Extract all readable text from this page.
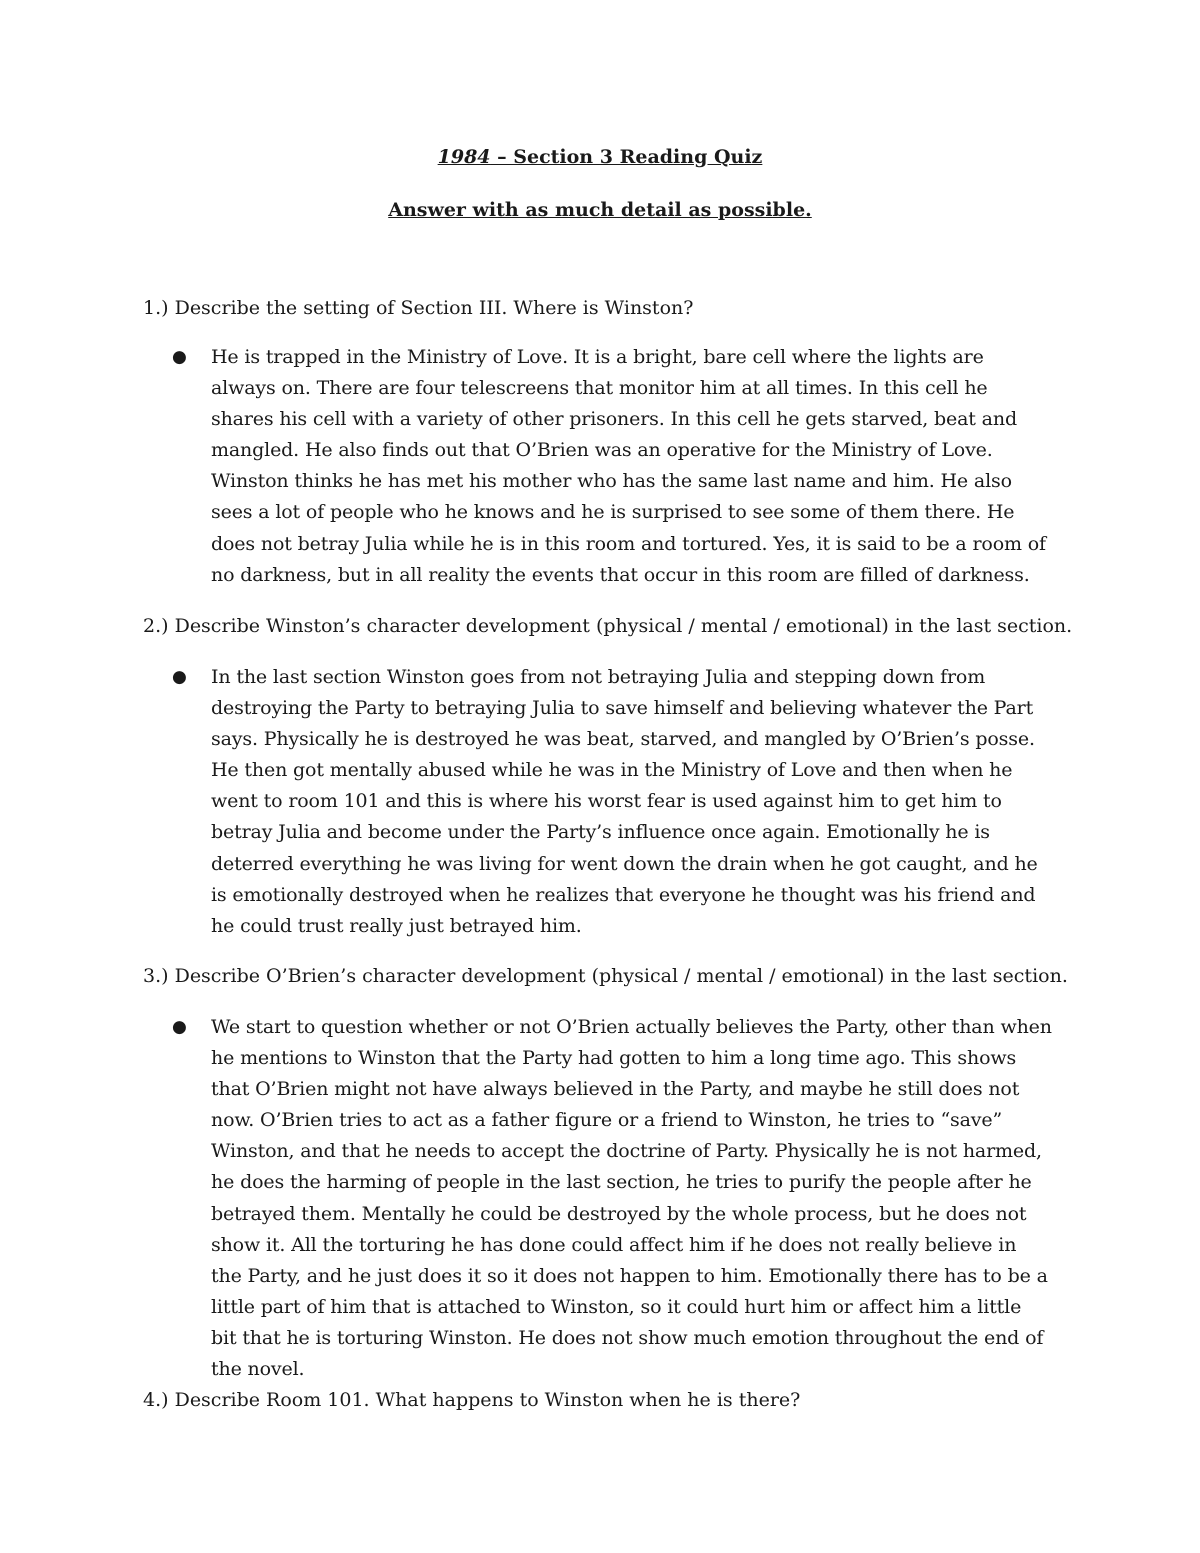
1984 – Section 3 Reading Quiz
Answer with as much detail as possible.
1.) Describe the setting of Section III. Where is Winston?
● He is trapped in the Ministry of Love. It is a bright, bare cell where the lights are always on. There are four telescreens that monitor him at all times. In this cell he shares his cell with a variety of other prisoners. In this cell he gets starved, beat and mangled. He also finds out that O’Brien was an operative for the Ministry of Love. Winston thinks he has met his mother who has the same last name and him. He also sees a lot of people who he knows and he is surprised to see some of them there. He does not betray Julia while he is in this room and tortured. Yes, it is said to be a room of no darkness, but in all reality the events that occur in this room are filled of darkness.
2.) Describe Winston’s character development (physical / mental / emotional) in the last section.
● In the last section Winston goes from not betraying Julia and stepping down from destroying the Party to betraying Julia to save himself and believing whatever the Part says. Physically he is destroyed he was beat, starved, and mangled by O’Brien’s posse. He then got mentally abused while he was in the Ministry of Love and then when he went to room 101 and this is where his worst fear is used against him to get him to betray Julia and become under the Party’s influence once again. Emotionally he is deterred everything he was living for went down the drain when he got caught, and he is emotionally destroyed when he realizes that everyone he thought was his friend and he could trust really just betrayed him.
3.) Describe O’Brien’s character development (physical / mental / emotional) in the last section.
● We start to question whether or not O’Brien actually believes the Party, other than when he mentions to Winston that the Party had gotten to him a long time ago. This shows that O’Brien might not have always believed in the Party, and maybe he still does not now. O’Brien tries to act as a father figure or a friend to Winston, he tries to “save” Winston, and that he needs to accept the doctrine of Party. Physically he is not harmed, he does the harming of people in the last section, he tries to purify the people after he betrayed them. Mentally he could be destroyed by the whole process, but he does not show it. All the torturing he has done could affect him if he does not really believe in the Party, and he just does it so it does not happen to him. Emotionally there has to be a little part of him that is attached to Winston, so it could hurt him or affect him a little bit that he is torturing Winston. He does not show much emotion throughout the end of the novel.
4.) Describe Room 101. What happens to Winston when he is there?
